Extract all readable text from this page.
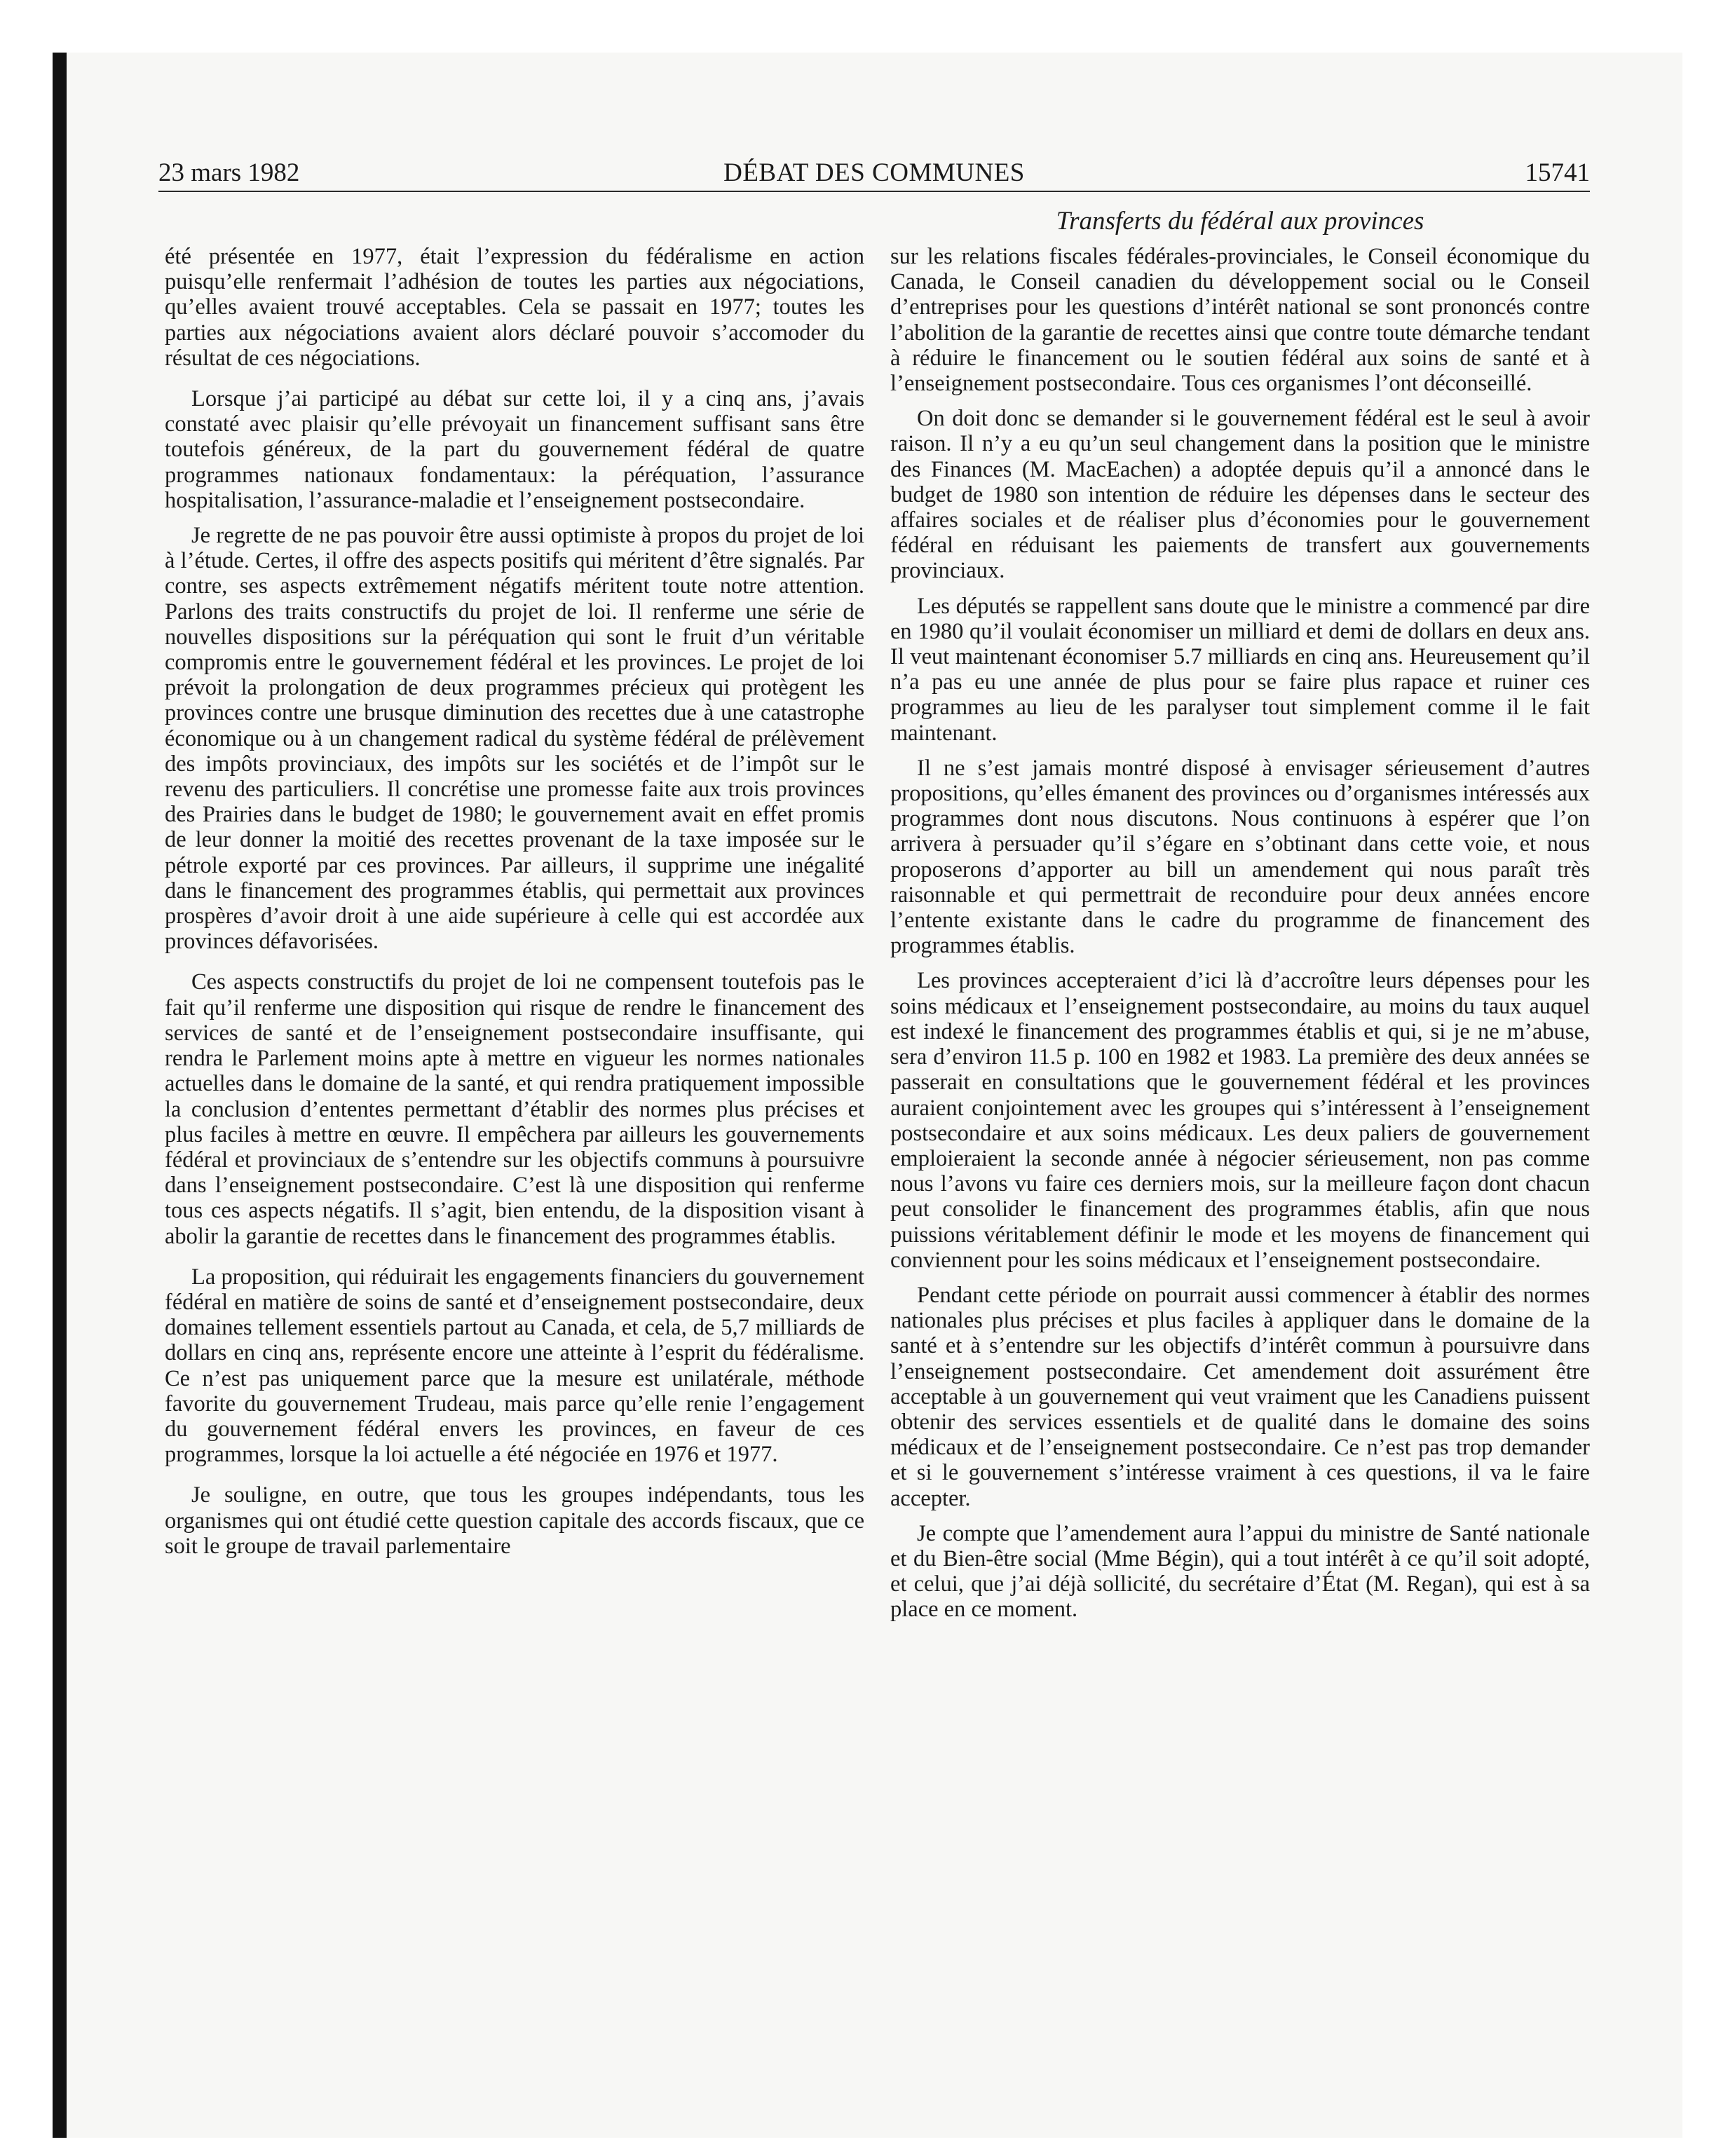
23 mars 1982	DÉBAT DES COMMUNES	15741
Transferts du fédéral aux provinces

été présentée en 1977, était l’expression du fédéralisme en action puisqu’elle renfermait l’adhésion de toutes les parties aux négociations, qu’elles avaient trouvé acceptables. Cela se passait en 1977; toutes les parties aux négociations avaient alors déclaré pouvoir s’accomoder du résultat de ces négociations.

Lorsque j’ai participé au débat sur cette loi, il y a cinq ans, j’avais constaté avec plaisir qu’elle prévoyait un financement suffisant sans être toutefois généreux, de la part du gouvernement fédéral de quatre programmes nationaux fondamentaux: la péréquation, l’assurance hospitalisation, l’assurance-maladie et l’enseignement postsecondaire.

Je regrette de ne pas pouvoir être aussi optimiste à propos du projet de loi à l’étude. Certes, il offre des aspects positifs qui méritent d’être signalés. Par contre, ses aspects extrêmement négatifs méritent toute notre attention. Parlons des traits constructifs du projet de loi. Il renferme une série de nouvelles dispositions sur la péréquation qui sont le fruit d’un véritable compromis entre le gouvernement fédéral et les provinces. Le projet de loi prévoit la prolongation de deux programmes précieux qui protègent les provinces contre une brusque diminution des recettes due à une catastrophe économique ou à un changement radical du système fédéral de prélèvement des impôts provinciaux, des impôts sur les sociétés et de l’impôt sur le revenu des particuliers. Il concrétise une promesse faite aux trois provinces des Prairies dans le budget de 1980; le gouvernement avait en effet promis de leur donner la moitié des recettes provenant de la taxe imposée sur le pétrole exporté par ces provinces. Par ailleurs, il supprime une inégalité dans le financement des programmes établis, qui permettait aux provinces prospères d’avoir droit à une aide supérieure à celle qui est accordée aux provinces défavorisées.

Ces aspects constructifs du projet de loi ne compensent toutefois pas le fait qu’il renferme une disposition qui risque de rendre le financement des services de santé et de l’enseignement postsecondaire insuffisante, qui rendra le Parlement moins apte à mettre en vigueur les normes nationales actuelles dans le domaine de la santé, et qui rendra pratiquement impossible la conclusion d’ententes permettant d’établir des normes plus précises et plus faciles à mettre en œuvre. Il empêchera par ailleurs les gouvernements fédéral et provinciaux de s’entendre sur les objectifs communs à poursuivre dans l’enseignement postsecondaire. C’est là une disposition qui renferme tous ces aspects négatifs. Il s’agit, bien entendu, de la disposition visant à abolir la garantie de recettes dans le financement des programmes établis.

La proposition, qui réduirait les engagements financiers du gouvernement fédéral en matière de soins de santé et d’enseignement postsecondaire, deux domaines tellement essentiels partout au Canada, et cela, de 5,7 milliards de dollars en cinq ans, représente encore une atteinte à l’esprit du fédéralisme. Ce n’est pas uniquement parce que la mesure est unilatérale, méthode favorite du gouvernement Trudeau, mais parce qu’elle renie l’engagement du gouvernement fédéral envers les provinces, en faveur de ces programmes, lorsque la loi actuelle a été négociée en 1976 et 1977.

Je souligne, en outre, que tous les groupes indépendants, tous les organismes qui ont étudié cette question capitale des accords fiscaux, que ce soit le groupe de travail parlementaire

sur les relations fiscales fédérales-provinciales, le Conseil économique du Canada, le Conseil canadien du développement social ou le Conseil d’entreprises pour les questions d’intérêt national se sont prononcés contre l’abolition de la garantie de recettes ainsi que contre toute démarche tendant à réduire le financement ou le soutien fédéral aux soins de santé et à l’enseignement postsecondaire. Tous ces organismes l’ont déconseillé.

On doit donc se demander si le gouvernement fédéral est le seul à avoir raison. Il n’y a eu qu’un seul changement dans la position que le ministre des Finances (M. MacEachen) a adoptée depuis qu’il a annoncé dans le budget de 1980 son intention de réduire les dépenses dans le secteur des affaires sociales et de réaliser plus d’économies pour le gouvernement fédéral en réduisant les paiements de transfert aux gouvernements provinciaux.

Les députés se rappellent sans doute que le ministre a commencé par dire en 1980 qu’il voulait économiser un milliard et demi de dollars en deux ans. Il veut maintenant économiser 5.7 milliards en cinq ans. Heureusement qu’il n’a pas eu une année de plus pour se faire plus rapace et ruiner ces programmes au lieu de les paralyser tout simplement comme il le fait maintenant.

Il ne s’est jamais montré disposé à envisager sérieusement d’autres propositions, qu’elles émanent des provinces ou d’organismes intéressés aux programmes dont nous discutons. Nous continuons à espérer que l’on arrivera à persuader qu’il s’égare en s’obtinant dans cette voie, et nous proposerons d’apporter au bill un amendement qui nous paraît très raisonnable et qui permettrait de reconduire pour deux années encore l’entente existante dans le cadre du programme de financement des programmes établis.

Les provinces accepteraient d’ici là d’accroître leurs dépenses pour les soins médicaux et l’enseignement postsecondaire, au moins du taux auquel est indexé le financement des programmes établis et qui, si je ne m’abuse, sera d’environ 11.5 p. 100 en 1982 et 1983. La première des deux années se passerait en consultations que le gouvernement fédéral et les provinces auraient conjointement avec les groupes qui s’intéressent à l’enseignement postsecondaire et aux soins médicaux. Les deux paliers de gouvernement emploieraient la seconde année à négocier sérieusement, non pas comme nous l’avons vu faire ces derniers mois, sur la meilleure façon dont chacun peut consolider le financement des programmes établis, afin que nous puissions véritablement définir le mode et les moyens de financement qui conviennent pour les soins médicaux et l’enseignement postsecondaire.

Pendant cette période on pourrait aussi commencer à établir des normes nationales plus précises et plus faciles à appliquer dans le domaine de la santé et à s’entendre sur les objectifs d’intérêt commun à poursuivre dans l’enseignement postsecondaire. Cet amendement doit assurément être acceptable à un gouvernement qui veut vraiment que les Canadiens puissent obtenir des services essentiels et de qualité dans le domaine des soins médicaux et de l’enseignement postsecondaire. Ce n’est pas trop demander et si le gouvernement s’intéresse vraiment à ces questions, il va le faire accepter.

Je compte que l’amendement aura l’appui du ministre de Santé nationale et du Bien-être social (Mme Bégin), qui a tout intérêt à ce qu’il soit adopté, et celui, que j’ai déjà sollicité, du secrétaire d’État (M. Regan), qui est à sa place en ce moment.
